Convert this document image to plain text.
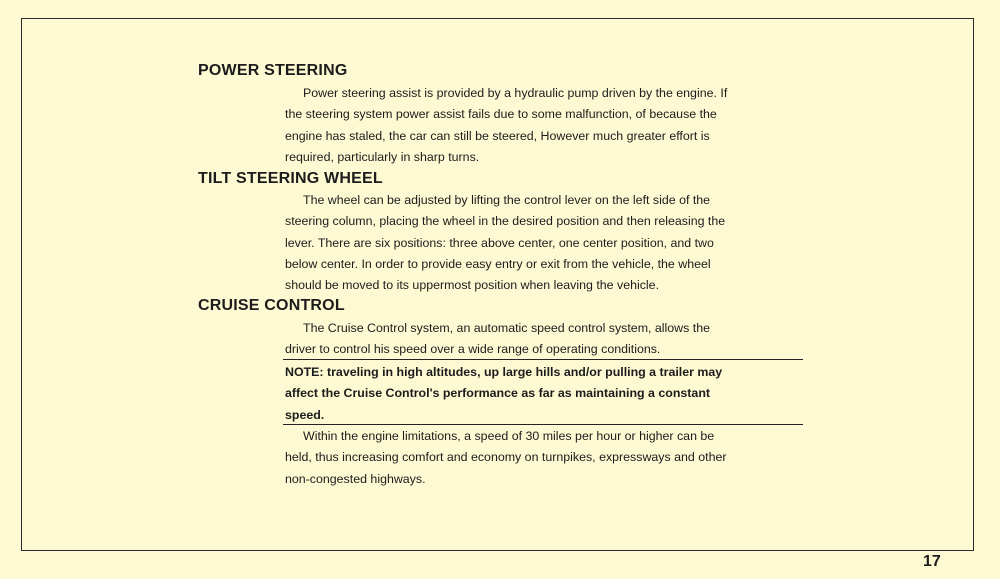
POWER STEERING
Power steering assist is provided by a hydraulic pump driven by the engine. If
the steering system power assist fails due to some malfunction, of because the
engine has staled, the car can still be steered, However much greater effort is
required, particularly in sharp turns.
TILT STEERING WHEEL
The wheel can be adjusted by lifting the control lever on the left side of the
steering column, placing the wheel in the desired position and then releasing the
lever. There are six positions: three above center, one center position, and two
below center. In order to provide easy entry or exit from the vehicle, the wheel
should be moved to its uppermost position when leaving the vehicle.
CRUISE CONTROL
The Cruise Control system, an automatic speed control system, allows the
driver to control his speed over a wide range of operating conditions.
NOTE: traveling in high altitudes, up large hills and/or pulling a trailer may
affect the Cruise Control's performance as far as maintaining a constant
speed.
Within the engine limitations, a speed of 30 miles per hour or higher can be
held, thus increasing comfort and economy on turnpikes, expressways and other
non-congested highways.
17
